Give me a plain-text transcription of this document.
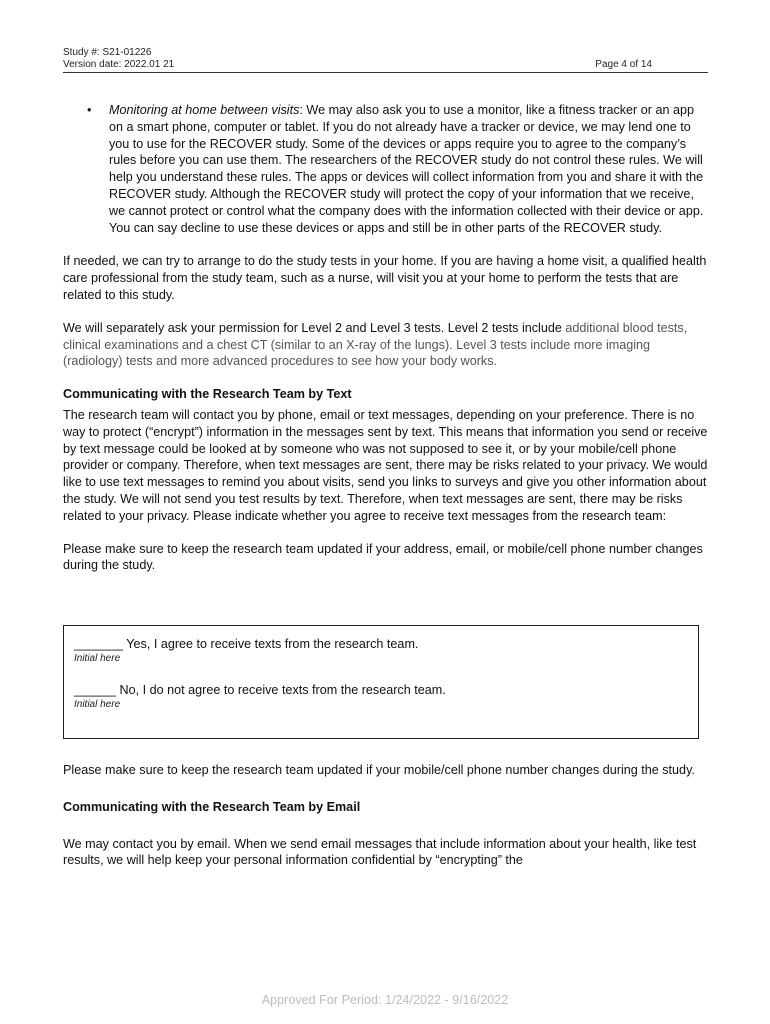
Study #: S21-01226
Version date: 2022.01 21	Page 4 of 14

• Monitoring at home between visits: We may also ask you to use a monitor, like a fitness tracker or an app on a smart phone, computer or tablet. If you do not already have a tracker or device, we may lend one to you to use for the RECOVER study. Some of the devices or apps require you to agree to the company’s rules before you can use them. The researchers of the RECOVER study do not control these rules. We will help you understand these rules. The apps or devices will collect information from you and share it with the RECOVER study. Although the RECOVER study will protect the copy of your information that we receive, we cannot protect or control what the company does with the information collected with their device or app. You can say decline to use these devices or apps and still be in other parts of the RECOVER study.

If needed, we can try to arrange to do the study tests in your home. If you are having a home visit, a qualified health care professional from the study team, such as a nurse, will visit you at your home to perform the tests that are related to this study.

We will separately ask your permission for Level 2 and Level 3 tests. Level 2 tests include additional blood tests, clinical examinations and a chest CT (similar to an X-ray of the lungs). Level 3 tests include more imaging (radiology) tests and more advanced procedures to see how your body works.

Communicating with the Research Team by Text

The research team will contact you by phone, email or text messages, depending on your preference. There is no way to protect (“encrypt”) information in the messages sent by text. This means that information you send or receive by text message could be looked at by someone who was not supposed to see it, or by your mobile/cell phone provider or company. Therefore, when text messages are sent, there may be risks related to your privacy. We would like to use text messages to remind you about visits, send you links to surveys and give you other information about the study. We will not send you test results by text. Therefore, when text messages are sent, there may be risks related to your privacy. Please indicate whether you agree to receive text messages from the research team:

Please make sure to keep the research team updated if your address, email, or mobile/cell phone number changes during the study.

_______ Yes, I agree to receive texts from the research team.
Initial here
______ No, I do not agree to receive texts from the research team.
Initial here

Please make sure to keep the research team updated if your mobile/cell phone number changes during the study.

Communicating with the Research Team by Email

We may contact you by email. When we send email messages that include information about your health, like test results, we will help keep your personal information confidential by “encrypting” the

Approved For Period: 1/24/2022 - 9/16/2022
